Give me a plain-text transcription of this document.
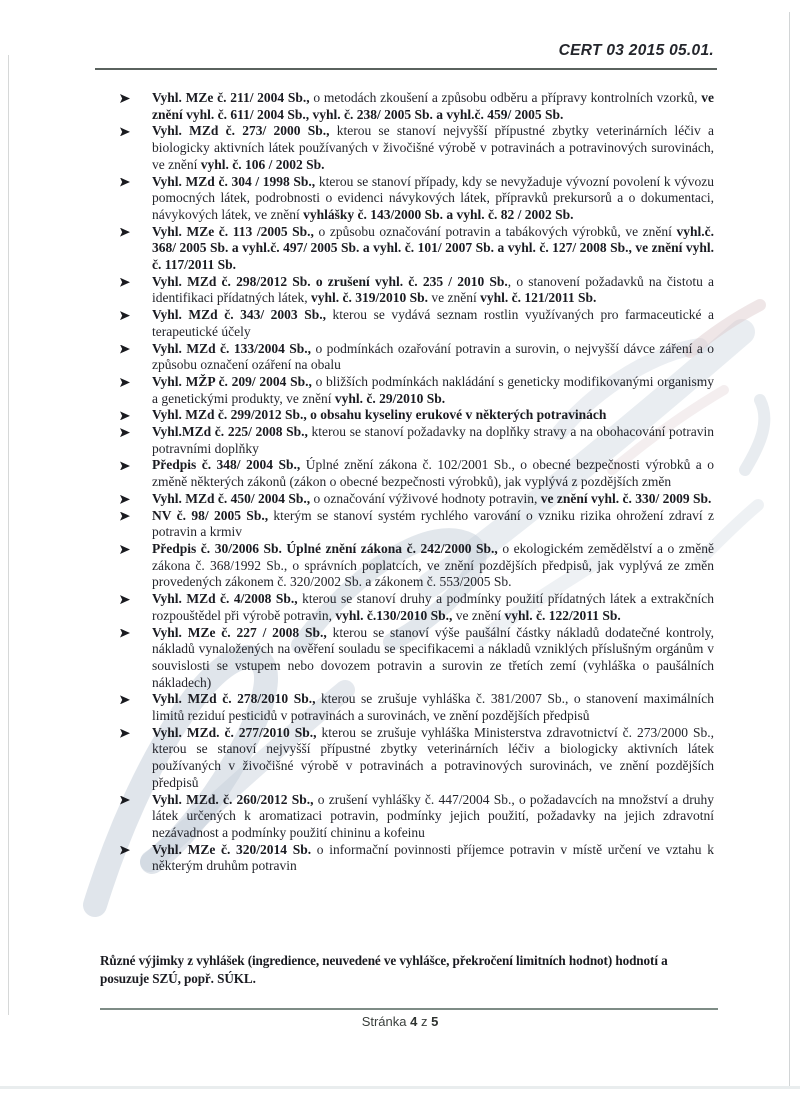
CERT 03 2015 05.01.
Vyhl. MZe č. 211/ 2004 Sb., o metodách zkoušení a způsobu odběru a přípravy kontrolních vzorků, ve znění vyhl. č. 611/ 2004 Sb., vyhl. č. 238/ 2005 Sb. a vyhl.č. 459/ 2005 Sb.
Vyhl. MZd č. 273/ 2000 Sb., kterou se stanoví nejvyšší přípustné zbytky veterinárních léčiv a biologicky aktivních látek používaných v živočišné výrobě v potravinách a potravinových surovinách, ve znění vyhl. č. 106 / 2002 Sb.
Vyhl. MZd č. 304 / 1998 Sb., kterou se stanoví případy, kdy se nevyžaduje vývozní povolení k vývozu pomocných látek, podrobnosti o evidenci návykových látek, přípravků prekursorů a o dokumentaci, návykových látek, ve znění vyhlášky č. 143/2000 Sb. a vyhl. č. 82 / 2002 Sb.
Vyhl. MZe č. 113 /2005 Sb., o způsobu označování potravin a tabákových výrobků, ve znění vyhl.č. 368/ 2005 Sb. a vyhl.č. 497/ 2005 Sb. a vyhl. č. 101/ 2007 Sb. a vyhl. č. 127/ 2008 Sb., ve znění vyhl. č. 117/2011 Sb.
Vyhl. MZd č. 298/2012 Sb. o zrušení vyhl. č. 235 / 2010 Sb., o stanovení požadavků na čistotu a identifikaci přídatných látek, vyhl. č. 319/2010 Sb. ve znění vyhl. č. 121/2011 Sb.
Vyhl. MZd č. 343/ 2003 Sb., kterou se vydává seznam rostlin využívaných pro farmaceutické a terapeutické účely
Vyhl. MZd č. 133/2004 Sb., o podmínkách ozařování potravin a surovin, o nejvyšší dávce záření a o způsobu označení ozáření na obalu
Vyhl. MŽP č. 209/ 2004 Sb., o bližších podmínkách nakládání s geneticky modifikovanými organismy a genetickými produkty, ve znění vyhl. č. 29/2010 Sb.
Vyhl. MZd č. 299/2012 Sb., o obsahu kyseliny erukové v některých potravinách
Vyhl.MZd č. 225/ 2008 Sb., kterou se stanoví požadavky na doplňky stravy a na obohacování potravin potravními doplňky
Předpis č. 348/ 2004 Sb., Úplné znění zákona č. 102/2001 Sb., o obecné bezpečnosti výrobků a o změně některých zákonů (zákon o obecné bezpečnosti výrobků), jak vyplývá z pozdějších změn
Vyhl. MZd č. 450/ 2004 Sb., o označování výživové hodnoty potravin, ve znění vyhl. č. 330/ 2009 Sb.
NV č. 98/ 2005 Sb., kterým se stanoví systém rychlého varování o vzniku rizika ohrožení zdraví z potravin a krmiv
Předpis č. 30/2006 Sb. Úplné znění zákona č. 242/2000 Sb., o ekologickém zemědělství a o změně zákona č. 368/1992 Sb., o správních poplatcích, ve znění pozdějších předpisů, jak vyplývá ze změn provedených zákonem č. 320/2002 Sb. a zákonem č. 553/2005 Sb.
Vyhl. MZd č. 4/2008 Sb., kterou se stanoví druhy a podmínky použití přídatných látek a extrakčních rozpouštědel při výrobě potravin, vyhl. č.130/2010 Sb., ve znění vyhl. č. 122/2011 Sb.
Vyhl. MZe č. 227 / 2008 Sb., kterou se stanoví výše paušální částky nákladů dodatečné kontroly, nákladů vynaložených na ověření souladu se specifikacemi a nákladů vzniklých příslušným orgánům v souvislosti se vstupem nebo dovozem potravin a surovin ze třetích zemí (vyhláška o paušálních nákladech)
Vyhl. MZd č. 278/2010 Sb., kterou se zrušuje vyhláška č. 381/2007 Sb., o stanovení maximálních limitů reziduí pesticidů v potravinách a surovinách, ve znění pozdějších předpisů
Vyhl. MZd. č. 277/2010 Sb., kterou se zrušuje vyhláška Ministerstva zdravotnictví č. 273/2000 Sb., kterou se stanoví nejvyšší přípustné zbytky veterinárních léčiv a biologicky aktivních látek používaných v živočišné výrobě v potravinách a potravinových surovinách, ve znění pozdějších předpisů
Vyhl. MZd. č. 260/2012 Sb., o zrušení vyhlášky č. 447/2004 Sb., o požadavcích na množství a druhy látek určených k aromatizaci potravin, podmínky jejich použití, požadavky na jejich zdravotní nezávadnost a podmínky použití chininu a kofeinu
Vyhl. MZe č. 320/2014 Sb. o informační povinnosti příjemce potravin v místě určení ve vztahu k některým druhům potravin
Různé výjimky z vyhlášek (ingredience, neuvedené ve vyhlášce, překročení limitních hodnot) hodnotí a posuzuje SZÚ, popř. SÚKL.
Stránka 4 z 5
